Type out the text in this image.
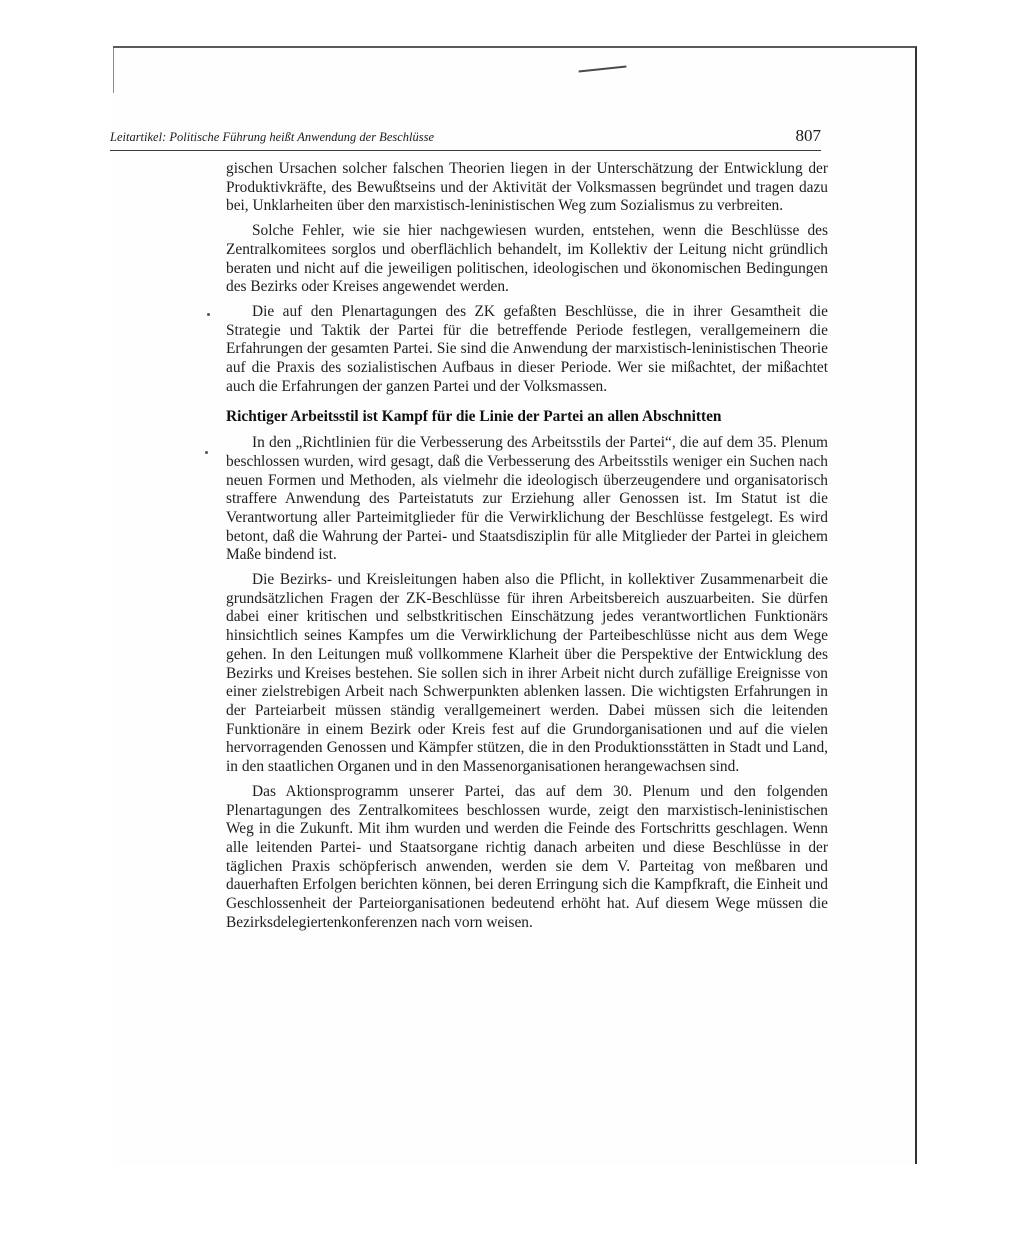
Leitartikel: Politische Führung heißt Anwendung der Beschlüsse	807

gischen Ursachen solcher falschen Theorien liegen in der Unterschätzung der Entwicklung der Produktivkräfte, des Bewußtseins und der Aktivität der Volksmassen begründet und tragen dazu bei, Unklarheiten über den marxistisch-leninistischen Weg zum Sozialismus zu verbreiten.

Solche Fehler, wie sie hier nachgewiesen wurden, entstehen, wenn die Beschlüsse des Zentralkomitees sorglos und oberflächlich behandelt, im Kollektiv der Leitung nicht gründlich beraten und nicht auf die jeweiligen politischen, ideologischen und ökonomischen Bedingungen des Bezirks oder Kreises angewendet werden.

Die auf den Plenartagungen des ZK gefaßten Beschlüsse, die in ihrer Gesamtheit die Strategie und Taktik der Partei für die betreffende Periode festlegen, verallgemeinern die Erfahrungen der gesamten Partei. Sie sind die Anwendung der marxistisch-leninistischen Theorie auf die Praxis des sozialistischen Aufbaus in dieser Periode. Wer sie mißachtet, der mißachtet auch die Erfahrungen der ganzen Partei und der Volksmassen.

Richtiger Arbeitsstil ist Kampf für die Linie der Partei an allen Abschnitten

In den „Richtlinien für die Verbesserung des Arbeitsstils der Partei“, die auf dem 35. Plenum beschlossen wurden, wird gesagt, daß die Verbesserung des Arbeitsstils weniger ein Suchen nach neuen Formen und Methoden, als vielmehr die ideologisch überzeugendere und organisatorisch straffere Anwendung des Parteistatuts zur Erziehung aller Genossen ist. Im Statut ist die Verantwortung aller Parteimitglieder für die Verwirklichung der Beschlüsse festgelegt. Es wird betont, daß die Wahrung der Partei- und Staatsdisziplin für alle Mitglieder der Partei in gleichem Maße bindend ist.

Die Bezirks- und Kreisleitungen haben also die Pflicht, in kollektiver Zusammenarbeit die grundsätzlichen Fragen der ZK-Beschlüsse für ihren Arbeitsbereich auszuarbeiten. Sie dürfen dabei einer kritischen und selbstkritischen Einschätzung jedes verantwortlichen Funktionärs hinsichtlich seines Kampfes um die Verwirklichung der Parteibeschlüsse nicht aus dem Wege gehen. In den Leitungen muß vollkommene Klarheit über die Perspektive der Entwicklung des Bezirks und Kreises bestehen. Sie sollen sich in ihrer Arbeit nicht durch zufällige Ereignisse von einer zielstrebigen Arbeit nach Schwerpunkten ablenken lassen. Die wichtigsten Erfahrungen in der Parteiarbeit müssen ständig verallgemeinert werden. Dabei müssen sich die leitenden Funktionäre in einem Bezirk oder Kreis fest auf die Grundorganisationen und auf die vielen hervorragenden Genossen und Kämpfer stützen, die in den Produktionsstätten in Stadt und Land, in den staatlichen Organen und in den Massenorganisationen herangewachsen sind.

Das Aktionsprogramm unserer Partei, das auf dem 30. Plenum und den folgenden Plenartagungen des Zentralkomitees beschlossen wurde, zeigt den marxistisch-leninistischen Weg in die Zukunft. Mit ihm wurden und werden die Feinde des Fortschritts geschlagen. Wenn alle leitenden Partei- und Staatsorgane richtig danach arbeiten und diese Beschlüsse in der täglichen Praxis schöpferisch anwenden, werden sie dem V. Parteitag von meßbaren und dauerhaften Erfolgen berichten können, bei deren Erringung sich die Kampfkraft, die Einheit und Geschlossenheit der Parteiorganisationen bedeutend erhöht hat. Auf diesem Wege müssen die Bezirksdelegiertenkonferenzen nach vorn weisen.
